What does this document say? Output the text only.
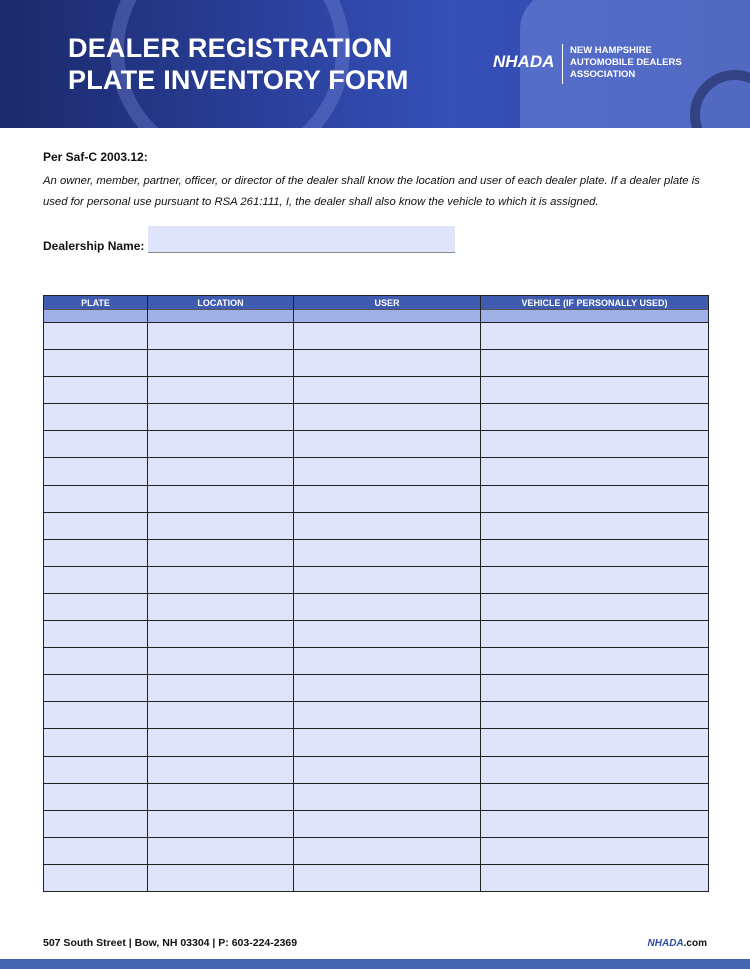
DEALER REGISTRATION
PLATE INVENTORY FORM
NHADA
NEW HAMPSHIRE
AUTOMOBILE DEALERS
ASSOCIATION
Per Saf-C 2003.12:
An owner, member, partner, officer, or director of the dealer shall know the location and user of each dealer plate. If a dealer plate is used for personal use pursuant to RSA 261:111, I, the dealer shall also know the vehicle to which it is assigned.
Dealership Name:
PLATE	LOCATION	USER	VEHICLE (IF PERSONALLY USED)

507 South Street | Bow, NH 03304 | P: 603-224-2369	NHADA.com
